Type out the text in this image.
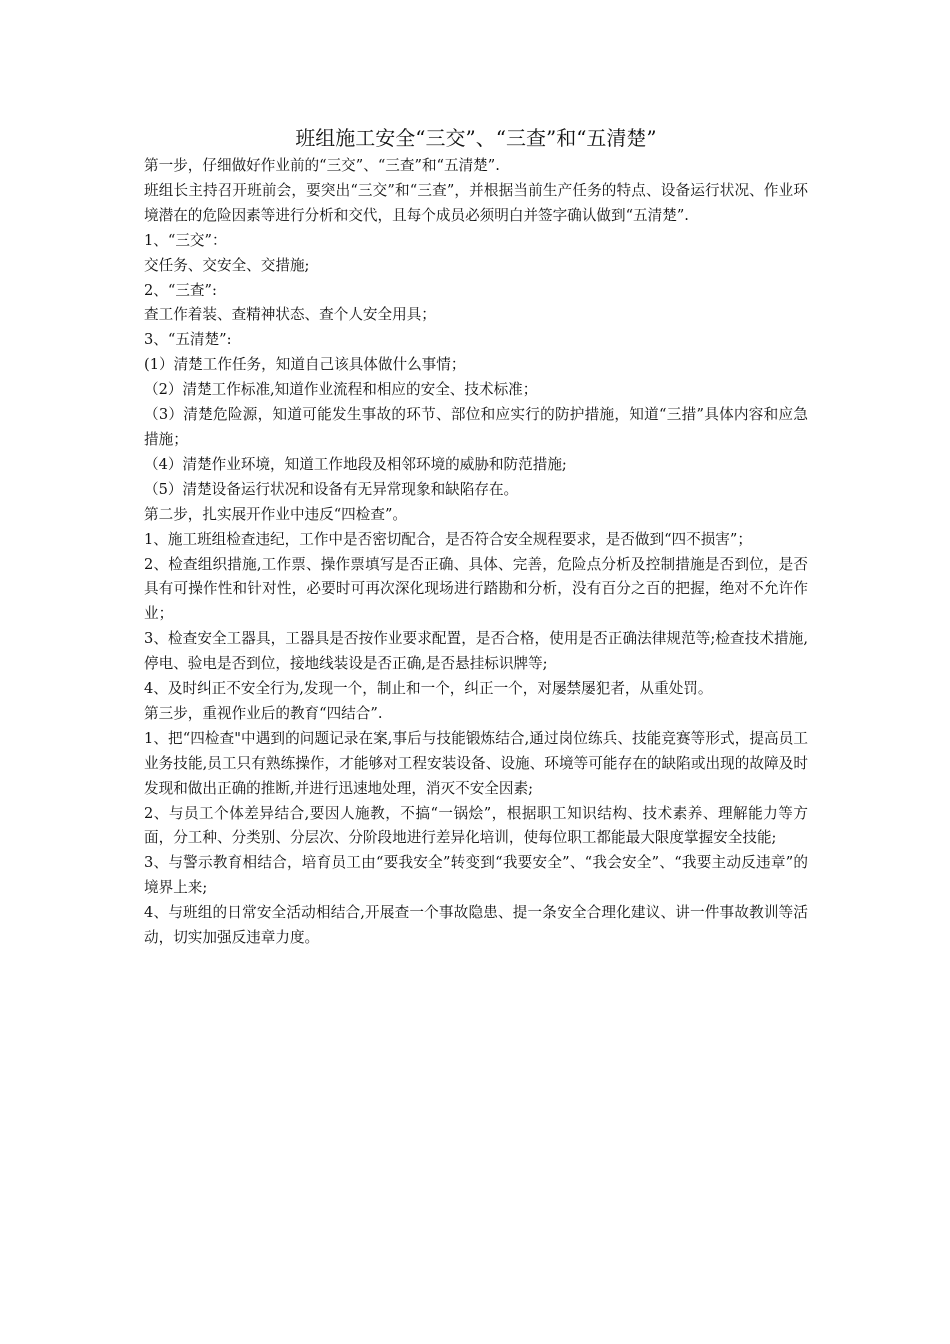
班组施工安全“三交”、“三查”和“五清楚”

第一步，仔细做好作业前的“三交”、“三查”和“五清楚”.

班组长主持召开班前会，要突出“三交”和“三查”，并根据当前生产任务的特点、设备运行状况、作业环境潜在的危险因素等进行分析和交代，且每个成员必须明白并签字确认做到“五清楚”.

1、“三交”：

交任务、交安全、交措施;

2、“三查”:

查工作着装、查精神状态、查个人安全用具；

3、“五清楚”:

(1）清楚工作任务，知道自己该具体做什么事情；

（2）清楚工作标准,知道作业流程和相应的安全、技术标准；

（3）清楚危险源，知道可能发生事故的环节、部位和应实行的防护措施，知道“三措”具体内容和应急措施；

（4）清楚作业环境，知道工作地段及相邻环境的威胁和防范措施;

（5）清楚设备运行状况和设备有无异常现象和缺陷存在。

第二步，扎实展开作业中违反“四检查”。

1、施工班组检查违纪，工作中是否密切配合，是否符合安全规程要求，是否做到“四不损害”；

2、检查组织措施,工作票、操作票填写是否正确、具体、完善，危险点分析及控制措施是否到位，是否具有可操作性和针对性，必要时可再次深化现场进行踏勘和分析，没有百分之百的把握，绝对不允许作业；

3、检查安全工器具，工器具是否按作业要求配置，是否合格，使用是否正确法律规范等;检查技术措施,停电、验电是否到位，接地线装设是否正确,是否悬挂标识牌等;

4、及时纠正不安全行为,发现一个，制止和一个，纠正一个，对屡禁屡犯者，从重处罚。

第三步，重视作业后的教育“四结合”.

1、把“四检查"中遇到的问题记录在案,事后与技能锻炼结合,通过岗位练兵、技能竞赛等形式，提高员工业务技能,员工只有熟练操作，才能够对工程安装设备、设施、环境等可能存在的缺陷或出现的故障及时发现和做出正确的推断,并进行迅速地处理，消灭不安全因素;

2、与员工个体差异结合,要因人施教，不搞“一锅烩”，根据职工知识结构、技术素养、理解能力等方面，分工种、分类别、分层次、分阶段地进行差异化培训，使每位职工都能最大限度掌握安全技能;

3、与警示教育相结合，培育员工由“要我安全”转变到“我要安全”、“我会安全”、“我要主动反违章”的境界上来;

4、与班组的日常安全活动相结合,开展查一个事故隐患、提一条安全合理化建议、讲一件事故教训等活动，切实加强反违章力度。
